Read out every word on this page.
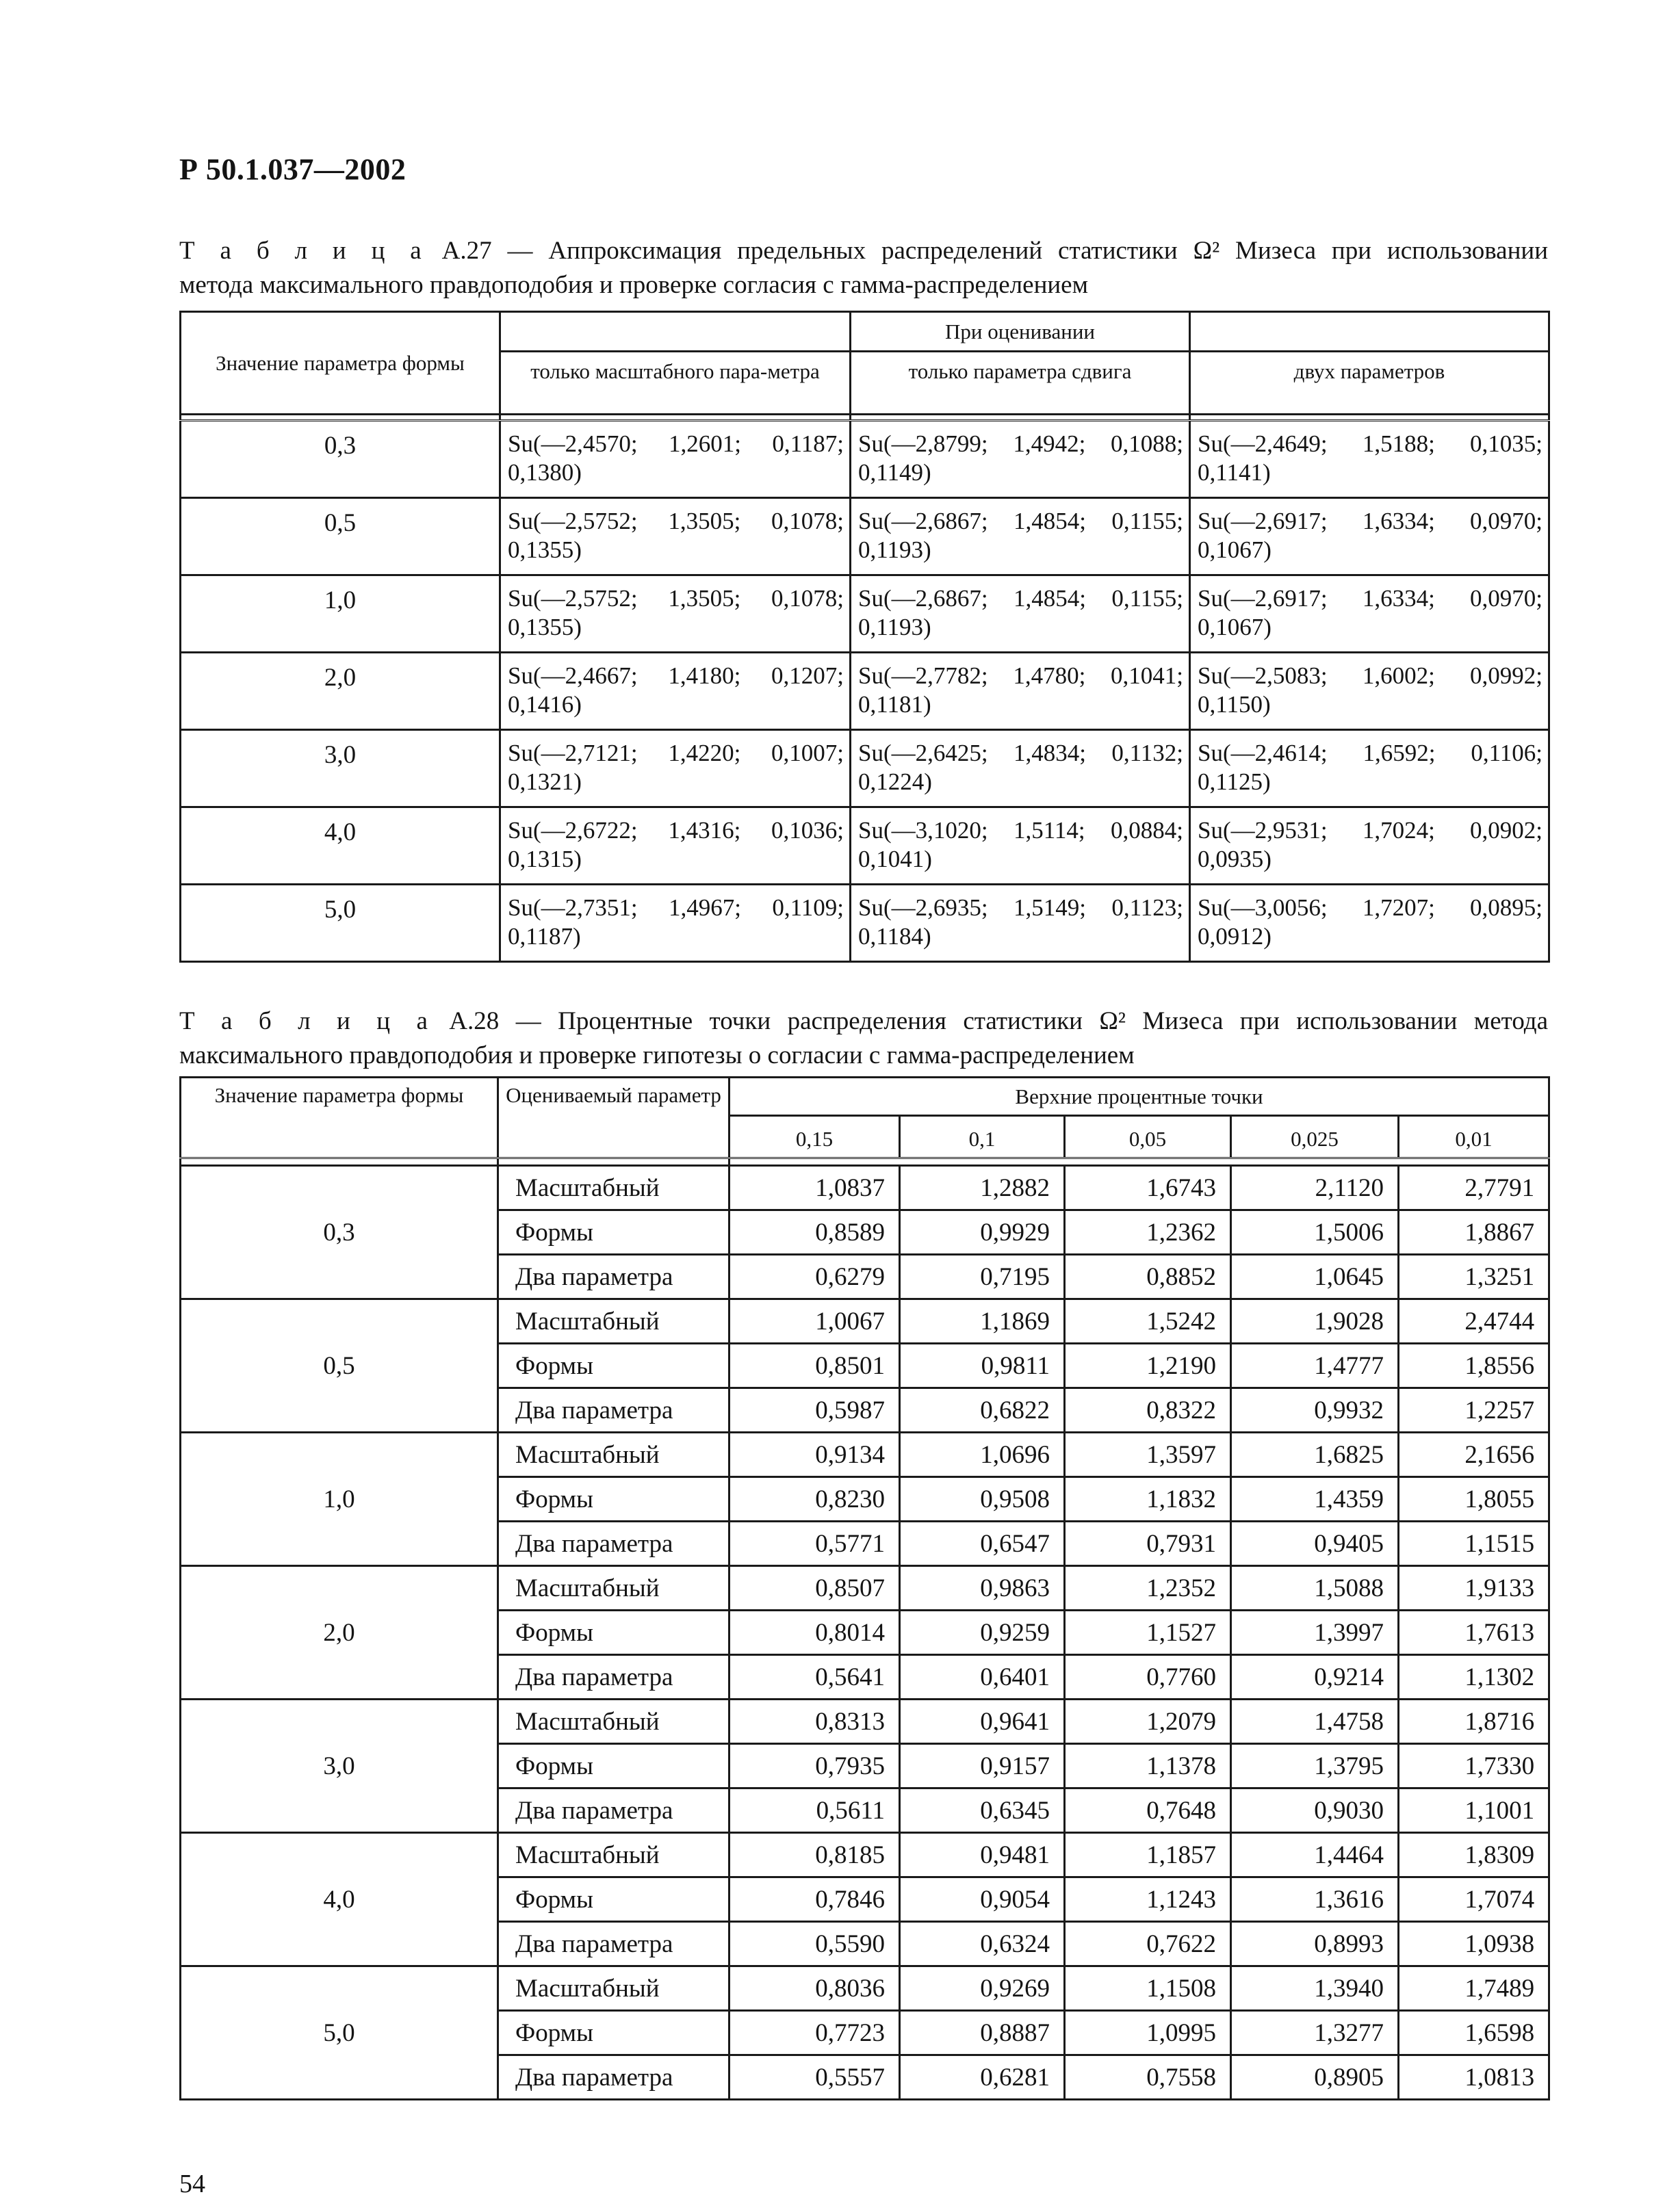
Р 50.1.037—2002
Т а б л и ц а А.27 — Аппроксимация предельных распределений статистики Ω² Мизеса при использовании
метода максимального правдоподобия и проверке согласия с гамма-распределением
Значение параметра формы		При оценивании	
	только масштабного пара-метра	только параметра сдвига	двух параметров

0,3	Su(—2,4570; 1,2601; 0,1187; 0,1380)	Su(—2,8799; 1,4942; 0,1088; 0,1149)	Su(—2,4649; 1,5188; 0,1035; 0,1141)
0,5	Su(—2,5752; 1,3505; 0,1078; 0,1355)	Su(—2,6867; 1,4854; 0,1155; 0,1193)	Su(—2,6917; 1,6334; 0,0970; 0,1067)
1,0	Su(—2,5752; 1,3505; 0,1078; 0,1355)	Su(—2,6867; 1,4854; 0,1155; 0,1193)	Su(—2,6917; 1,6334; 0,0970; 0,1067)
2,0	Su(—2,4667; 1,4180; 0,1207; 0,1416)	Su(—2,7782; 1,4780; 0,1041; 0,1181)	Su(—2,5083; 1,6002; 0,0992; 0,1150)
3,0	Su(—2,7121; 1,4220; 0,1007; 0,1321)	Su(—2,6425; 1,4834; 0,1132; 0,1224)	Su(—2,4614; 1,6592; 0,1106; 0,1125)
4,0	Su(—2,6722; 1,4316; 0,1036; 0,1315)	Su(—3,1020; 1,5114; 0,0884; 0,1041)	Su(—2,9531; 1,7024; 0,0902; 0,0935)
5,0	Su(—2,7351; 1,4967; 0,1109; 0,1187)	Su(—2,6935; 1,5149; 0,1123; 0,1184)	Su(—3,0056; 1,7207; 0,0895; 0,0912)
Т а б л и ц а А.28 — Процентные точки распределения статистики Ω² Мизеса при использовании метода
максимального правдоподобия и проверке гипотезы о согласии с гамма-распределением
Значение параметра формы	Оцениваемый параметр	Верхние процентные точки				
		0,15	0,1	0,05	0,025	0,01

0,3	Масштабный	1,0837	1,2882	1,6743	2,1120	2,7791
	Формы	0,8589	0,9929	1,2362	1,5006	1,8867
	Два параметра	0,6279	0,7195	0,8852	1,0645	1,3251
0,5	Масштабный	1,0067	1,1869	1,5242	1,9028	2,4744
	Формы	0,8501	0,9811	1,2190	1,4777	1,8556
	Два параметра	0,5987	0,6822	0,8322	0,9932	1,2257
1,0	Масштабный	0,9134	1,0696	1,3597	1,6825	2,1656
	Формы	0,8230	0,9508	1,1832	1,4359	1,8055
	Два параметра	0,5771	0,6547	0,7931	0,9405	1,1515
2,0	Масштабный	0,8507	0,9863	1,2352	1,5088	1,9133
	Формы	0,8014	0,9259	1,1527	1,3997	1,7613
	Два параметра	0,5641	0,6401	0,7760	0,9214	1,1302
3,0	Масштабный	0,8313	0,9641	1,2079	1,4758	1,8716
	Формы	0,7935	0,9157	1,1378	1,3795	1,7330
	Два параметра	0,5611	0,6345	0,7648	0,9030	1,1001
4,0	Масштабный	0,8185	0,9481	1,1857	1,4464	1,8309
	Формы	0,7846	0,9054	1,1243	1,3616	1,7074
	Два параметра	0,5590	0,6324	0,7622	0,8993	1,0938
5,0	Масштабный	0,8036	0,9269	1,1508	1,3940	1,7489
	Формы	0,7723	0,8887	1,0995	1,3277	1,6598
	Два параметра	0,5557	0,6281	0,7558	0,8905	1,0813
54
